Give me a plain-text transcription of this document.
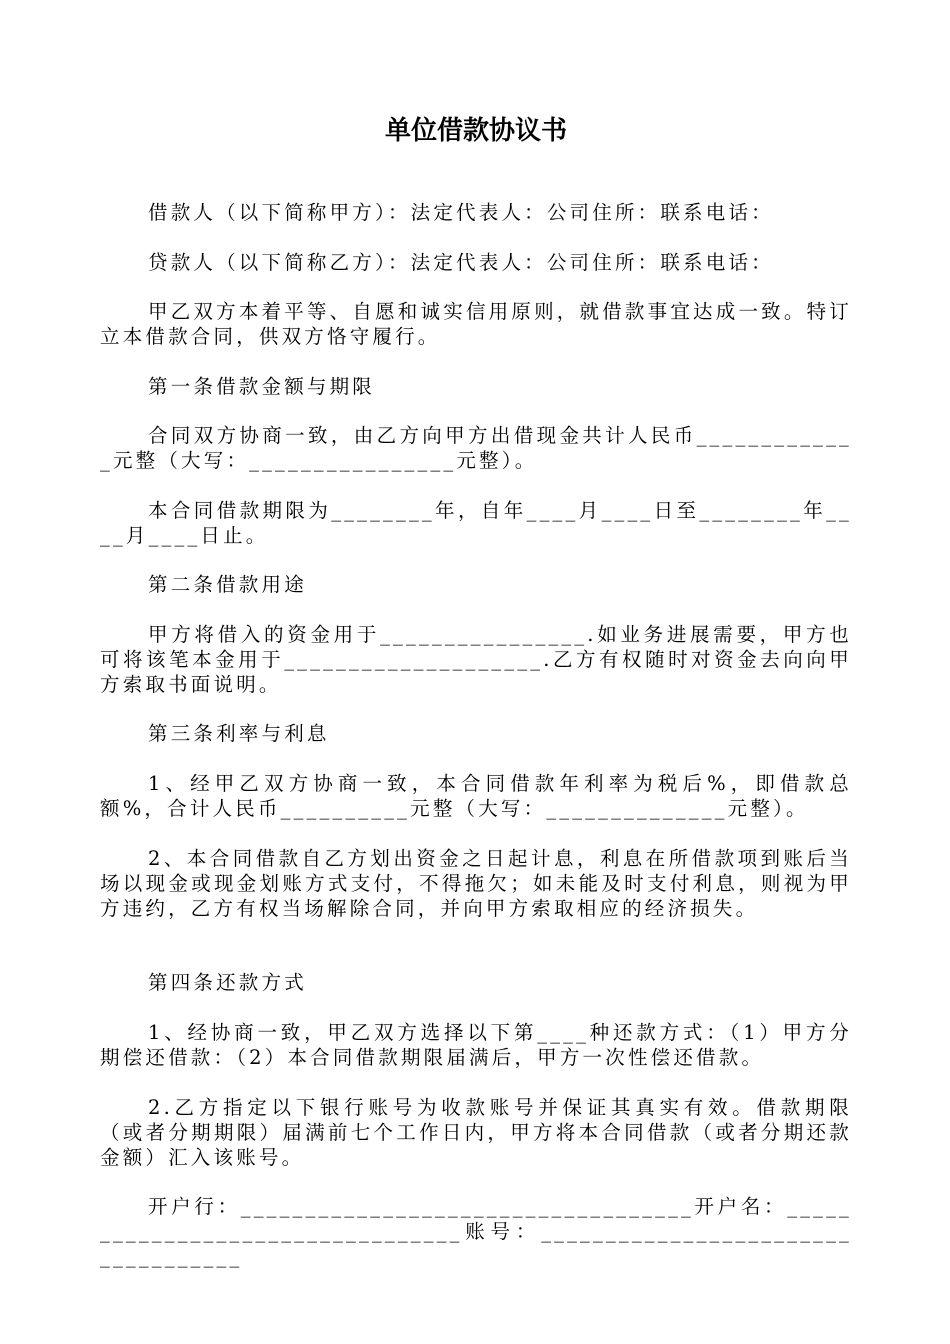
单位借款协议书

借款人（以下简称甲方）：法定代表人：公司住所：联系电话：

贷款人（以下简称乙方）：法定代表人：公司住所：联系电话：

甲乙双方本着平等、自愿和诚实信用原则，就借款事宜达成一致。特订立本借款合同，供双方恪守履行。

第一条借款金额与期限

合同双方协商一致，由乙方向甲方出借现金共计人民币_____________元整（大写：________________元整）。

本合同借款期限为________年，自年____月____日至________年____月____日止。

第二条借款用途

甲方将借入的资金用于________________.如业务进展需要，甲方也可将该笔本金用于____________________.乙方有权随时对资金去向向甲方索取书面说明。

第三条利率与利息

1、经甲乙双方协商一致，本合同借款年利率为税后%，即借款总额%，合计人民币__________元整（大写：______________元整）。

2、本合同借款自乙方划出资金之日起计息，利息在所借款项到账后当场以现金或现金划账方式支付，不得拖欠；如未能及时支付利息，则视为甲方违约，乙方有权当场解除合同，并向甲方索取相应的经济损失。

第四条还款方式

1、经协商一致，甲乙双方选择以下第____种还款方式：（1）甲方分期偿还借款：（2）本合同借款期限届满后，甲方一次性偿还借款。

2.乙方指定以下银行账号为收款账号并保证其真实有效。借款期限（或者分期期限）届满前七个工作日内，甲方将本合同借款（或者分期还款金额）汇入该账号。

开户行：___________________________________开户名：_________________________________账号：___________________________________
